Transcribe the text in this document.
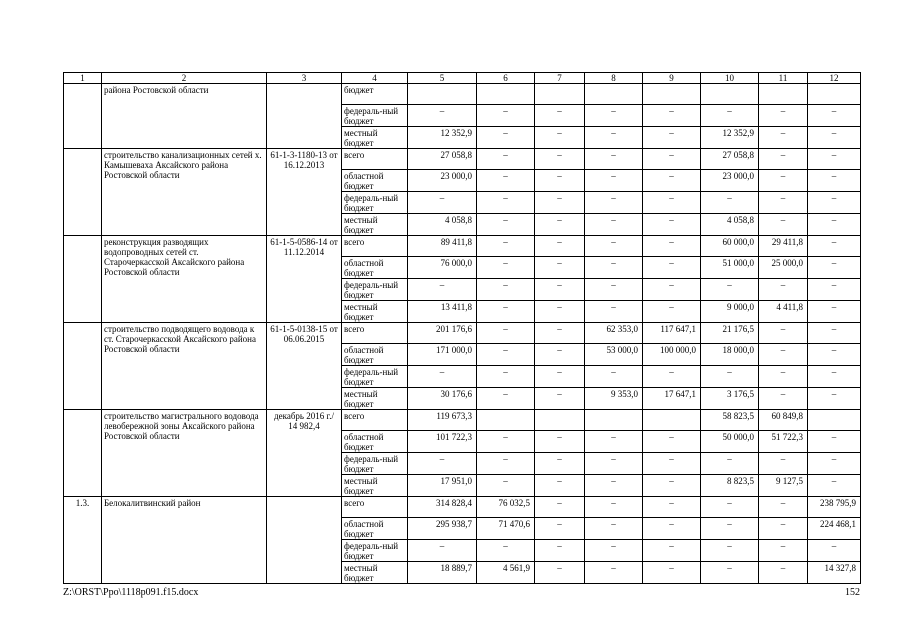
1	2	3	4	5	6	7	8	9	10	11	12
	района Ростовской области		бюджет								
			федераль-ный бюджет	–	–	–	–	–	–	–	–
			местный бюджет	12 352,9	–	–	–	–	12 352,9	–	–
	строительство канализационных сетей х. Камышеваха Аксайского района Ростовской области	61-1-3-1180-13 от 16.12.2013	всего	27 058,8	–	–	–	–	27 058,8	–	–
			областной бюджет	23 000,0	–	–	–	–	23 000,0	–	–
			федераль-ный бюджет	–	–	–	–	–	–	–	–
			местный бюджет	4 058,8	–	–	–	–	4 058,8	–	–
	реконструкция разводящих водопроводных сетей ст. Старочеркасской Аксайского района Ростовской области	61-1-5-0586-14 от 11.12.2014	всего	89 411,8	–	–	–	–	60 000,0	29 411,8	–
			областной бюджет	76 000,0	–	–	–	–	51 000,0	25 000,0	–
			федераль-ный бюджет	–	–	–	–	–	–	–	–
			местный бюджет	13 411,8	–	–	–	–	9 000,0	4 411,8	–
	строительство подводящего водовода к ст. Старочеркасской Аксайского района Ростовской области	61-1-5-0138-15 от 06.06.2015	всего	201 176,6	–	–	62 353,0	117 647,1	21 176,5	–	–
			областной бюджет	171 000,0	–	–	53 000,0	100 000,0	18 000,0	–	–
			федераль-ный бюджет	–	–	–	–	–	–	–	–
			местный бюджет	30 176,6	–	–	9 353,0	17 647,1	3 176,5	–	–
	строительство магистрального водовода левобережной зоны Аксайского района Ростовской области	декабрь 2016 г./ 14 982,4	всего	119 673,3					58 823,5	60 849,8	
			областной бюджет	101 722,3	–	–	–	–	50 000,0	51 722,3	–
			федераль-ный бюджет	–	–	–	–	–	–	–	–
			местный бюджет	17 951,0	–	–	–	–	8 823,5	9 127,5	–
1.3.	Белокалитвинский район		всего	314 828,4	76 032,5	–	–	–	–	–	238 795,9
			областной бюджет	295 938,7	71 470,6	–	–	–	–	–	224 468,1
			федераль-ный бюджет	–	–	–	–	–	–	–	–
			местный бюджет	18 889,7	4 561,9	–	–	–	–	–	14 327,8
Z:\ORST\Ppo\1118p091.f15.docx	152
